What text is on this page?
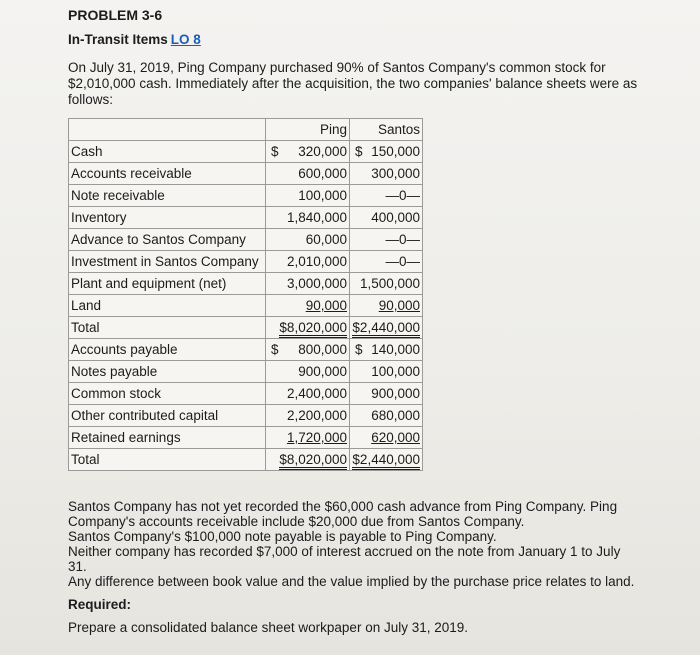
PROBLEM 3-6
In-Transit Items LO 8
On July 31, 2019, Ping Company purchased 90% of Santos Company's common stock for
$2,010,000 cash. Immediately after the acquisition, the two companies' balance sheets were as
follows:
	Ping	Santos
Cash	$ 320,000	$ 150,000
Accounts receivable	600,000	300,000
Note receivable	100,000	—0—
Inventory	1,840,000	400,000
Advance to Santos Company	60,000	—0—
Investment in Santos Company	2,010,000	—0—
Plant and equipment (net)	3,000,000	1,500,000
Land	90,000	90,000
Total	$8,020,000	$2,440,000
Accounts payable	$ 800,000	$ 140,000
Notes payable	900,000	100,000
Common stock	2,400,000	900,000
Other contributed capital	2,200,000	680,000
Retained earnings	1,720,000	620,000
Total	$8,020,000	$2,440,000
Santos Company has not yet recorded the $60,000 cash advance from Ping Company. Ping
Company's accounts receivable include $20,000 due from Santos Company.
Santos Company's $100,000 note payable is payable to Ping Company.
Neither company has recorded $7,000 of interest accrued on the note from January 1 to July
31.
Any difference between book value and the value implied by the purchase price relates to land.
Required:
Prepare a consolidated balance sheet workpaper on July 31, 2019.
